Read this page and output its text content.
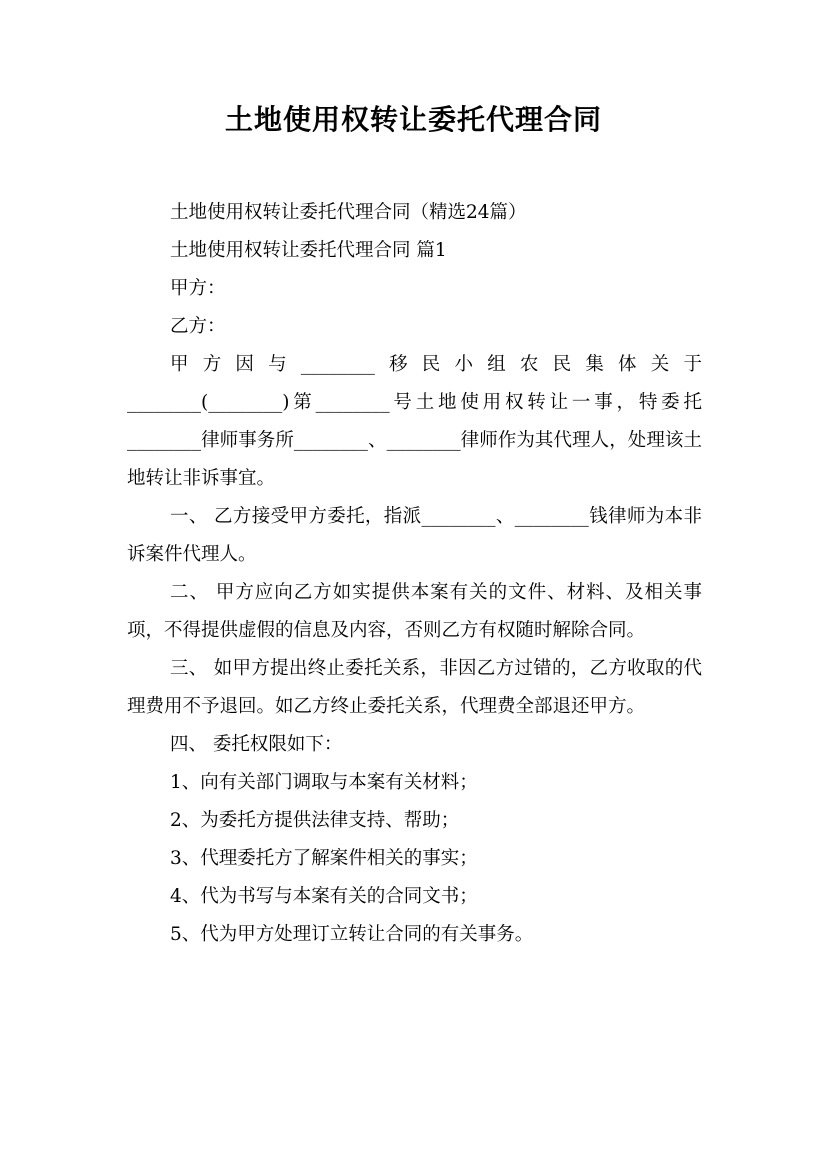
土地使用权转让委托代理合同

土地使用权转让委托代理合同（精选24篇）

土地使用权转让委托代理合同 篇1

甲方：

乙方：

甲方因与________移民小组农民集体关于

________(________)第________号土地使用权转让一事，特委托________律师事务所________、________律师作为其代理人，处理该土地转让非诉事宜。

一、 乙方接受甲方委托，指派________、________钱律师为本非诉案件代理人。

二、 甲方应向乙方如实提供本案有关的文件、材料、及相关事项，不得提供虚假的信息及内容，否则乙方有权随时解除合同。

三、 如甲方提出终止委托关系，非因乙方过错的，乙方收取的代理费用不予退回。如乙方终止委托关系，代理费全部退还甲方。

四、 委托权限如下：

1、向有关部门调取与本案有关材料；

2、为委托方提供法律支持、帮助；

3、代理委托方了解案件相关的事实；

4、代为书写与本案有关的合同文书；

5、代为甲方处理订立转让合同的有关事务。
